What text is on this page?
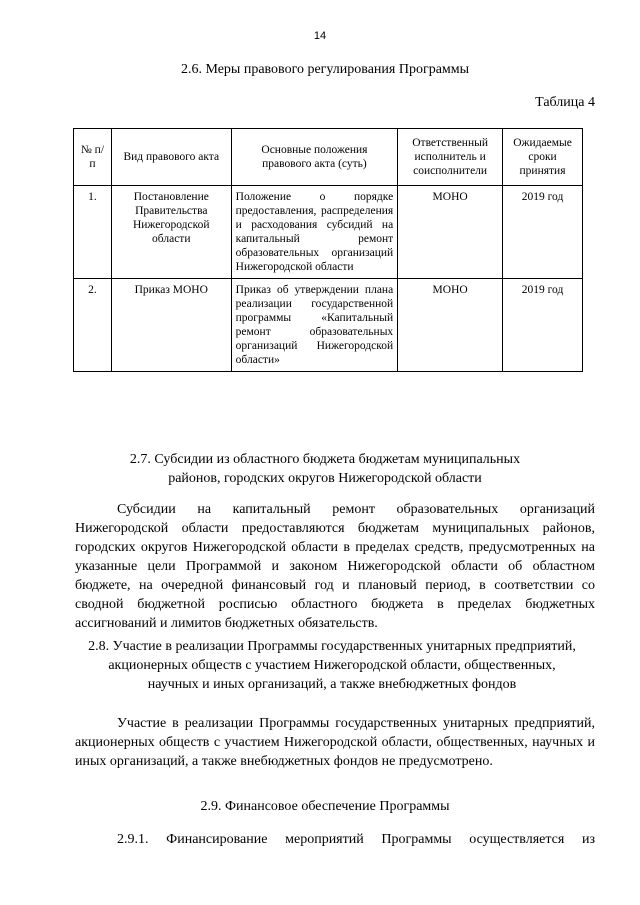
14
2.6. Меры правового регулирования Программы
Таблица 4
№ п/п	Вид правового акта	Основные положения правового акта (суть)	Ответственный исполнитель и соисполнители	Ожидаемые сроки принятия
1.	Постановление Правительства Нижегородской области	Положение о порядке предоставления, распределения и расходования субсидий на капитальный ремонт образовательных организаций Нижегородской области	МОНО	2019 год
2.	Приказ МОНО	Приказ об утверждении плана реализации государственной программы «Капитальный ремонт образовательных организаций Нижегородской области»	МОНО	2019 год
2.7. Субсидии из областного бюджета бюджетам муниципальных районов, городских округов Нижегородской области
Субсидии на капитальный ремонт образовательных организаций Нижегородской области предоставляются бюджетам муниципальных районов, городских округов Нижегородской области в пределах средств, предусмотренных на указанные цели Программой и законом Нижегородской области об областном бюджете, на очередной финансовый год и плановый период, в соответствии со сводной бюджетной росписью областного бюджета в пределах бюджетных ассигнований и лимитов бюджетных обязательств.
2.8. Участие в реализации Программы государственных унитарных предприятий, акционерных обществ с участием Нижегородской области, общественных, научных и иных организаций, а также внебюджетных фондов
Участие в реализации Программы государственных унитарных предприятий, акционерных обществ с участием Нижегородской области, общественных, научных и иных организаций, а также внебюджетных фондов не предусмотрено.
2.9. Финансовое обеспечение Программы
2.9.1. Финансирование мероприятий Программы осуществляется из
